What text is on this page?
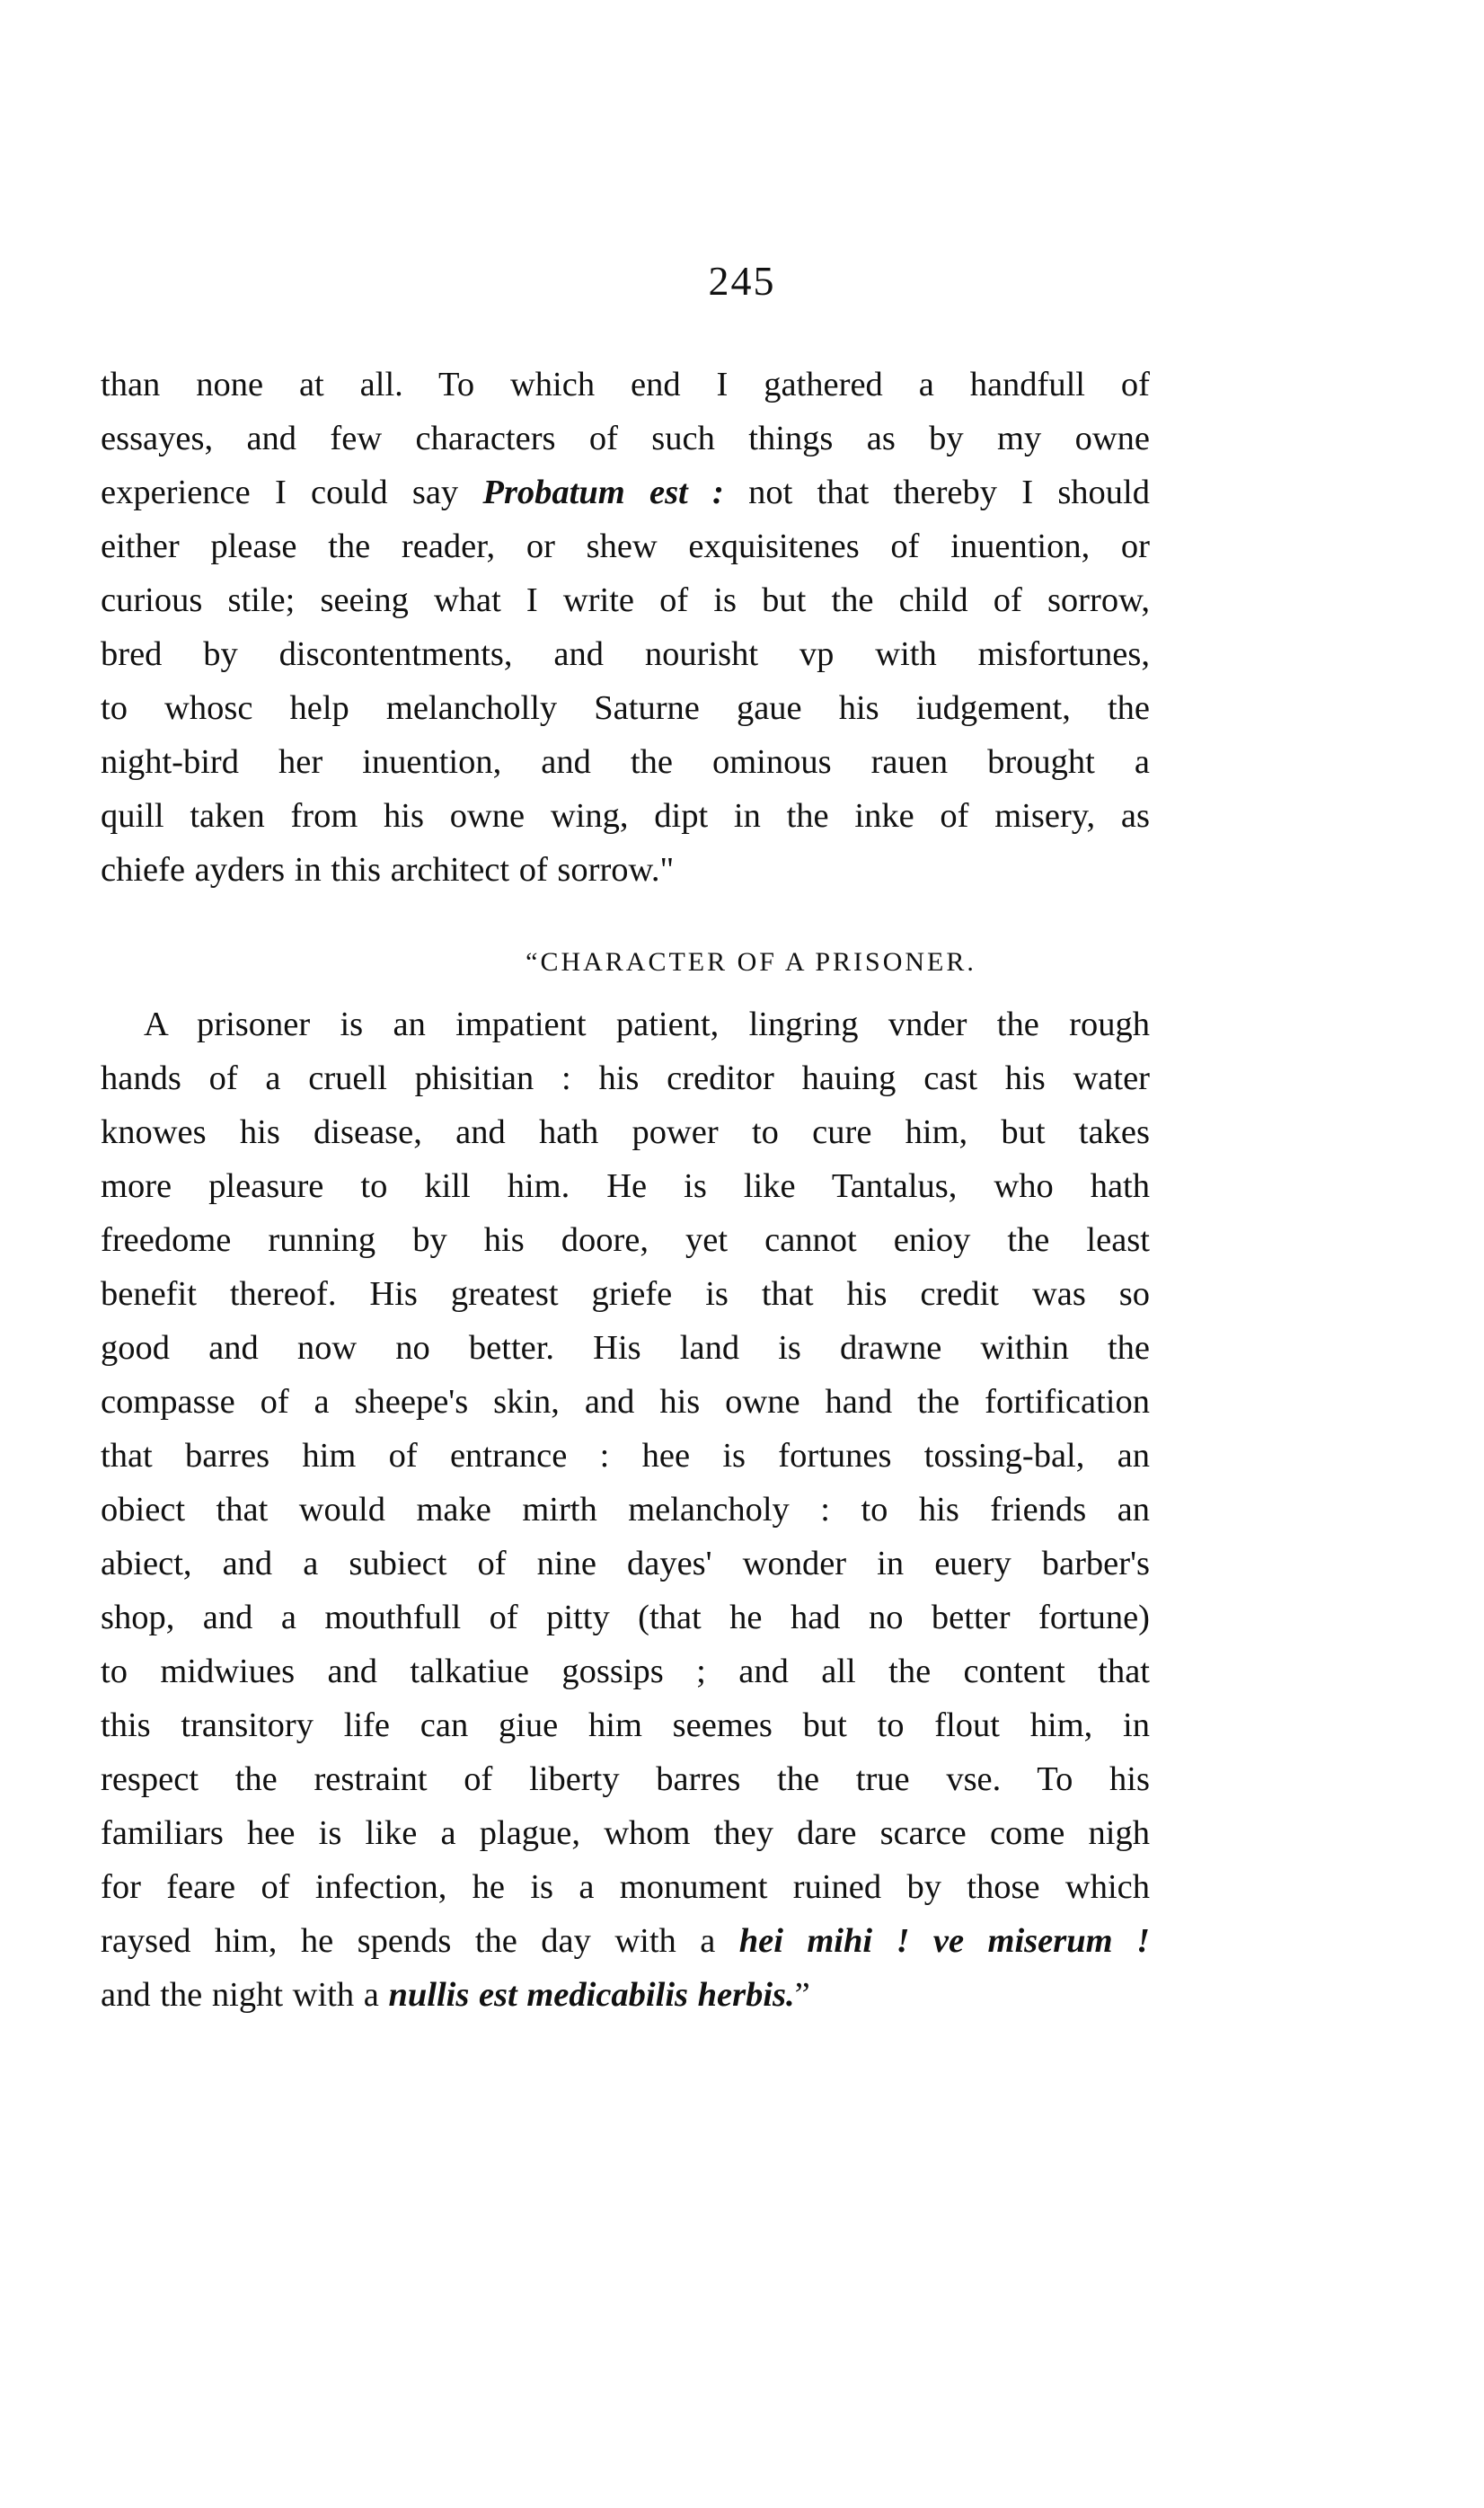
245
than none at all. To which end I gathered a handfull of
essayes, and few characters of such things as by my owne
experience I could say Probatum est : not that thereby I should
either please the reader, or shew exquisitenes of inuention, or
curious stile; seeing what I write of is but the child of sorrow,
bred by discontentments, and nourisht vp with misfortunes,
to whosc help melancholly Saturne gaue his iudgement, the
night-bird her inuention, and the ominous rauen brought a
quill taken from his owne wing, dipt in the inke of misery, as
chiefe ayders in this architect of sorrow."
“CHARACTER OF A PRISONER.
A prisoner is an impatient patient, lingring vnder the rough
hands of a cruell phisitian : his creditor hauing cast his water
knowes his disease, and hath power to cure him, but takes
more pleasure to kill him. He is like Tantalus, who hath
freedome running by his doore, yet cannot enioy the least
benefit thereof. His greatest griefe is that his credit was so
good and now no better. His land is drawne within the
compasse of a sheepe's skin, and his owne hand the fortification
that barres him of entrance : hee is fortunes tossing-bal, an
obiect that would make mirth melancholy : to his friends an
abiect, and a subiect of nine dayes' wonder in euery barber's
shop, and a mouthfull of pitty (that he had no better fortune)
to midwiues and talkatiue gossips ; and all the content that
this transitory life can giue him seemes but to flout him, in
respect the restraint of liberty barres the true vse. To his
familiars hee is like a plague, whom they dare scarce come nigh
for feare of infection, he is a monument ruined by those which
raysed him, he spends the day with a hei mihi ! ve miserum !
and the night with a nullis est medicabilis herbis.”
